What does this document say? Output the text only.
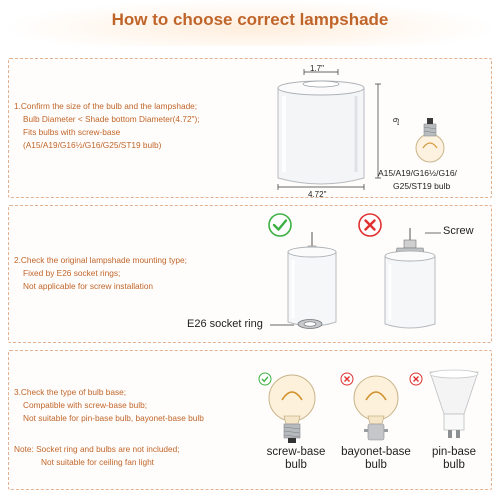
How to choose correct lampshade
1.Confirm the size of the bulb and the lampshade;
Bulb Diameter < Shade bottom Diameter(4.72");
Fits bulbs with screw-base
(A15/A19/G16½/G16/G25/ST19 bulb)
1.7"
6"
4.72"
A15/A19/G16½/G16/
G25/ST19 bulb
2.Check the original lampshade mounting type;
Fixed by E26 socket rings;
Not applicable for screw installation
Screw
E26 socket ring
3.Check the type of bulb base;
Compatible with screw-base bulb;
Not suitable for pin-base bulb, bayonet-base bulb
Note: Socket ring and bulbs are not included;
Not suitable for ceiling fan light
screw-base
bulb
bayonet-base
bulb
pin-base
bulb
